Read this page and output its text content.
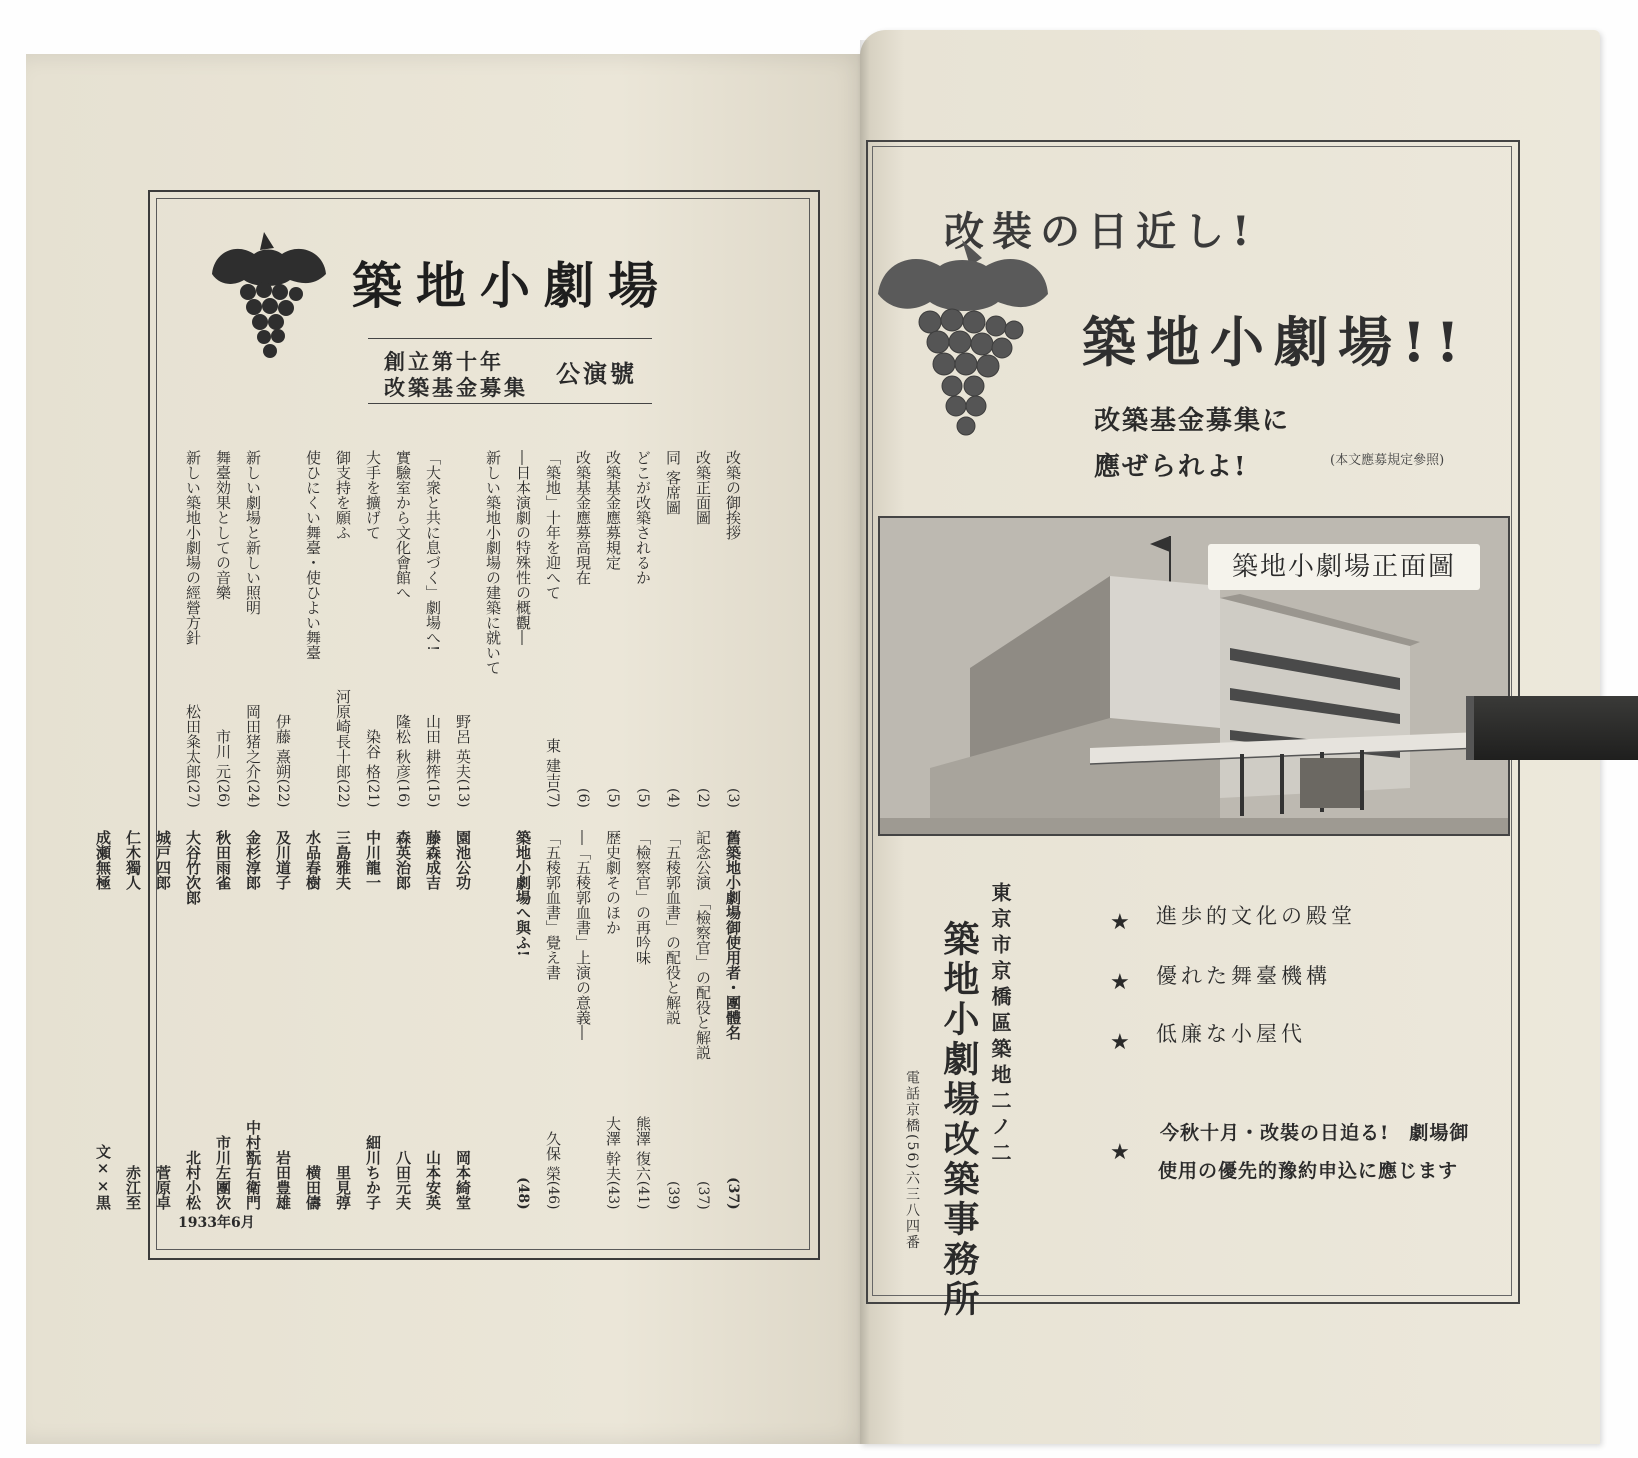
築地小劇場
創立第十年
改築基金募集 公演號
改築の御挨拶
(3)
改築正面圖
(2)
同 客席圖
(4)
どこが改築されるか
(5)
改築基金應募規定
(5)
改築基金應募高現在
(6)
「築地」十年を迎へて
東 建吉(7)
―日本演劇の特殊性の概觀―
新しい築地小劇場の建築に就いて
野呂 英夫(13)
「大衆と共に息づく」劇場へ!
山田 耕筰(15)
實驗室から文化會館へ
隆松 秋彦(16)
大手を擴げて
染谷 格(21)
御支持を願ふ
河原崎長十郎(22)
使ひにくい舞臺・使ひよい舞臺
伊藤 熹朔(22)
新しい劇場と新しい照明
岡田猪之介(24)
舞臺効果としての音樂
市川 元(26)
新しい築地小劇場の經營方針
松田粂太郎(27)
舊築地小劇場御使用者・團體名
(37)
記念公演 「檢察官」の配役と解説
(37)
「五稜郭血書」の配役と解説
(39)
「檢察官」の再吟味
熊澤 復六(41)
歴史劇そのほか
大澤 幹夫(43)
―「五稜郭血書」上演の意義―
「五稜郭血書」覺え書
久保 榮(46)
築地小劇場へ與ふ!
(48)
園池公功
岡本綺堂
藤森成吉
山本安英
森英治郎
八田元夫
中川龍一
細川ちか子
三島雅夫
里見弴
水品春樹
横田儔
及川道子
岩田豊雄
金杉淳郎
中村翫右衛門
秋田雨雀
市川左團次
大谷竹次郎
北村小松
城戸四郎
菅原卓
仁木獨人
赤江至
成瀬無極
文××黒
1933年6月
改裝の日近し!
築地小劇場!!
改築基金募集に
應ぜられよ!	(本文應募規定參照)
築地小劇場正面圖
東京市京橋區築地二ノ二
築地小劇場改築事務所
電話京橋(56)六三八四番
★ 進歩的文化の殿堂
★ 優れた舞臺機構
★ 低廉な小屋代
★
今秋十月・改裝の日迫る!　劇場御
使用の優先的豫約申込に應じます
